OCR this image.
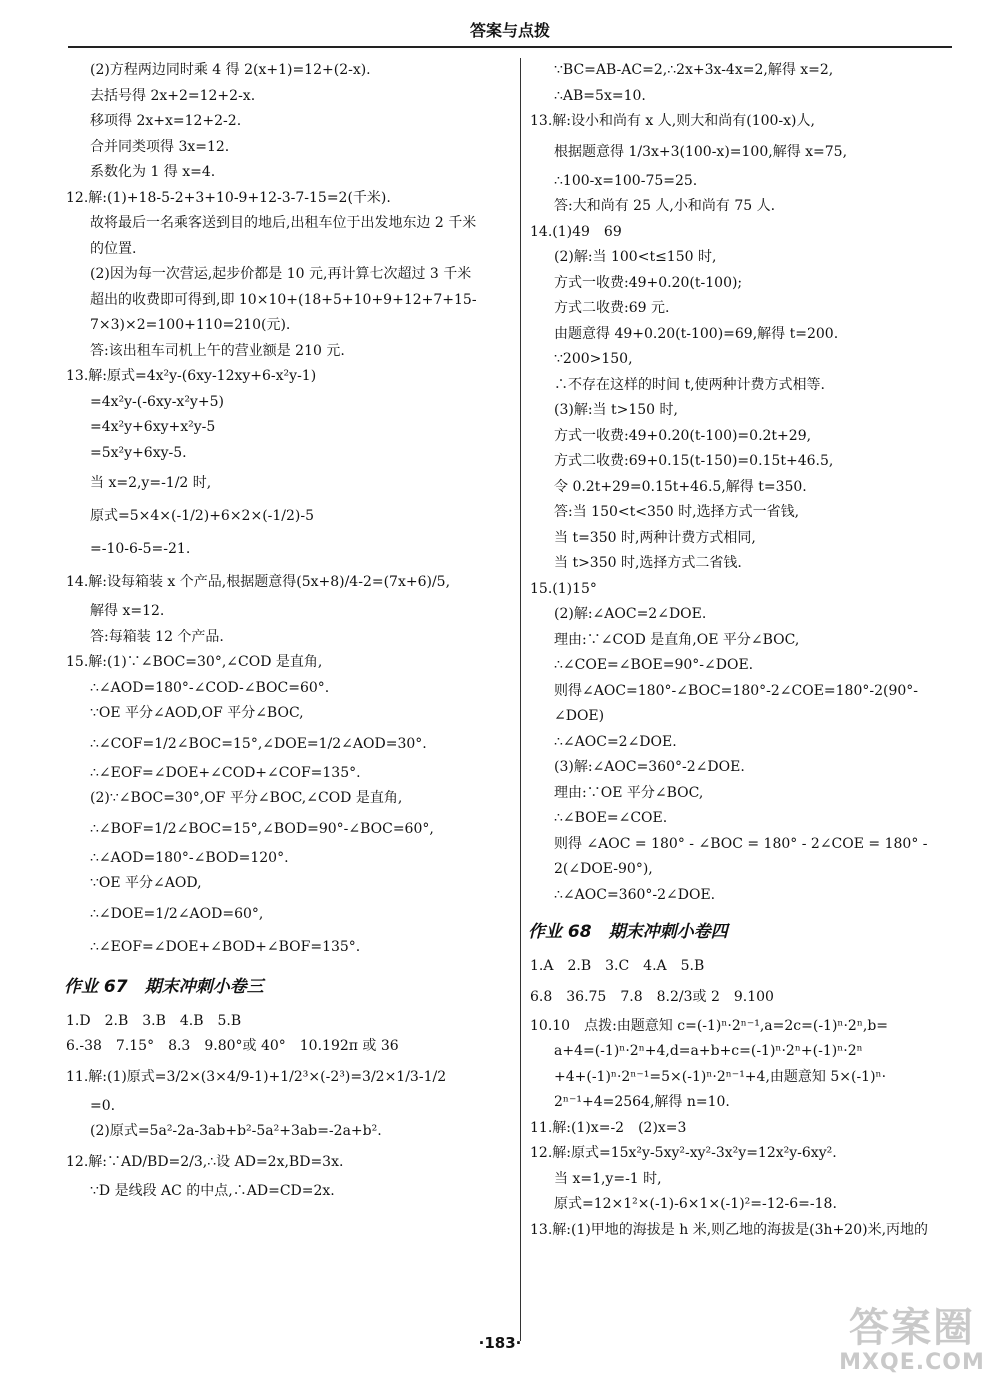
答案与点拨
(2)方程两边同时乘 4 得 2(x+1)=12+(2-x).
去括号得 2x+2=12+2-x.
移项得 2x+x=12+2-2.
合并同类项得 3x=12.
系数化为 1 得 x=4.
12.解:(1)+18-5-2+3+10-9+12-3-7-15=2(千米).
故将最后一名乘客送到目的地后,出租车位于出发地东边 2 千米
的位置.
(2)因为每一次营运,起步价都是 10 元,再计算七次超过 3 千米
超出的收费即可得到,即 10×10+(18+5+10+9+12+7+15-
7×3)×2=100+110=210(元).
答:该出租车司机上午的营业额是 210 元.
13.解:原式=4x²y-(6xy-12xy+6-x²y-1)
=4x²y-(-6xy-x²y+5)
=4x²y+6xy+x²y-5
=5x²y+6xy-5.
当 x=2,y=-1/2 时,
原式=5×4×(-1/2)+6×2×(-1/2)-5
=-10-6-5=-21.
14.解:设每箱装 x 个产品,根据题意得(5x+8)/4-2=(7x+6)/5,
解得 x=12.
答:每箱装 12 个产品.
15.解:(1)∵∠BOC=30°,∠COD 是直角,
∴∠AOD=180°-∠COD-∠BOC=60°.
∵OE 平分∠AOD,OF 平分∠BOC,
∴∠COF=1/2∠BOC=15°,∠DOE=1/2∠AOD=30°.
∴∠EOF=∠DOE+∠COD+∠COF=135°.
(2)∵∠BOC=30°,OF 平分∠BOC,∠COD 是直角,
∴∠BOF=1/2∠BOC=15°,∠BOD=90°-∠BOC=60°,
∴∠AOD=180°-∠BOD=120°.
∵OE 平分∠AOD,
∴∠DOE=1/2∠AOD=60°,
∴∠EOF=∠DOE+∠BOD+∠BOF=135°.
作业 67　期末冲刺小卷三
1.D　2.B　3.B　4.B　5.B
6.-38　7.15°　8.3　9.80°或 40°　10.192π 或 36
11.解:(1)原式=3/2×(3×4/9-1)+1/2³×(-2³)=3/2×1/3-1/2
=0.
(2)原式=5a²-2a-3ab+b²-5a²+3ab=-2a+b².
12.解:∵AD/BD=2/3,∴设 AD=2x,BD=3x.
∵D 是线段 AC 的中点,∴AD=CD=2x.
∵BC=AB-AC=2,∴2x+3x-4x=2,解得 x=2,
∴AB=5x=10.
13.解:设小和尚有 x 人,则大和尚有(100-x)人,
根据题意得 1/3x+3(100-x)=100,解得 x=75,
∴100-x=100-75=25.
答:大和尚有 25 人,小和尚有 75 人.
14.(1)49　69
(2)解:当 100<t≤150 时,
方式一收费:49+0.20(t-100);
方式二收费:69 元.
由题意得 49+0.20(t-100)=69,解得 t=200.
∵200>150,
∴不存在这样的时间 t,使两种计费方式相等.
(3)解:当 t>150 时,
方式一收费:49+0.20(t-100)=0.2t+29,
方式二收费:69+0.15(t-150)=0.15t+46.5,
令 0.2t+29=0.15t+46.5,解得 t=350.
答:当 150<t<350 时,选择方式一省钱,
当 t=350 时,两种计费方式相同,
当 t>350 时,选择方式二省钱.
15.(1)15°
(2)解:∠AOC=2∠DOE.
理由:∵∠COD 是直角,OE 平分∠BOC,
∴∠COE=∠BOE=90°-∠DOE.
则得∠AOC=180°-∠BOC=180°-2∠COE=180°-2(90°-
∠DOE)
∴∠AOC=2∠DOE.
(3)解:∠AOC=360°-2∠DOE.
理由:∵OE 平分∠BOC,
∴∠BOE=∠COE.
则得 ∠AOC = 180° - ∠BOC = 180° - 2∠COE = 180° -
2(∠DOE-90°),
∴∠AOC=360°-2∠DOE.
作业 68　期末冲刺小卷四
1.A　2.B　3.C　4.A　5.B
6.8　36.75　7.8　8.2/3或 2　9.100
10.10　点拨:由题意知 c=(-1)ⁿ·2ⁿ⁻¹,a=2c=(-1)ⁿ·2ⁿ,b=
a+4=(-1)ⁿ·2ⁿ+4,d=a+b+c=(-1)ⁿ·2ⁿ+(-1)ⁿ·2ⁿ
+4+(-1)ⁿ·2ⁿ⁻¹=5×(-1)ⁿ·2ⁿ⁻¹+4,由题意知 5×(-1)ⁿ·
2ⁿ⁻¹+4=2564,解得 n=10.
11.解:(1)x=-2　(2)x=3
12.解:原式=15x²y-5xy²-xy²-3x²y=12x²y-6xy².
当 x=1,y=-1 时,
原式=12×1²×(-1)-6×1×(-1)²=-12-6=-18.
13.解:(1)甲地的海拔是 h 米,则乙地的海拔是(3h+20)米,丙地的
·183·	答案圈
MXQE.COM
